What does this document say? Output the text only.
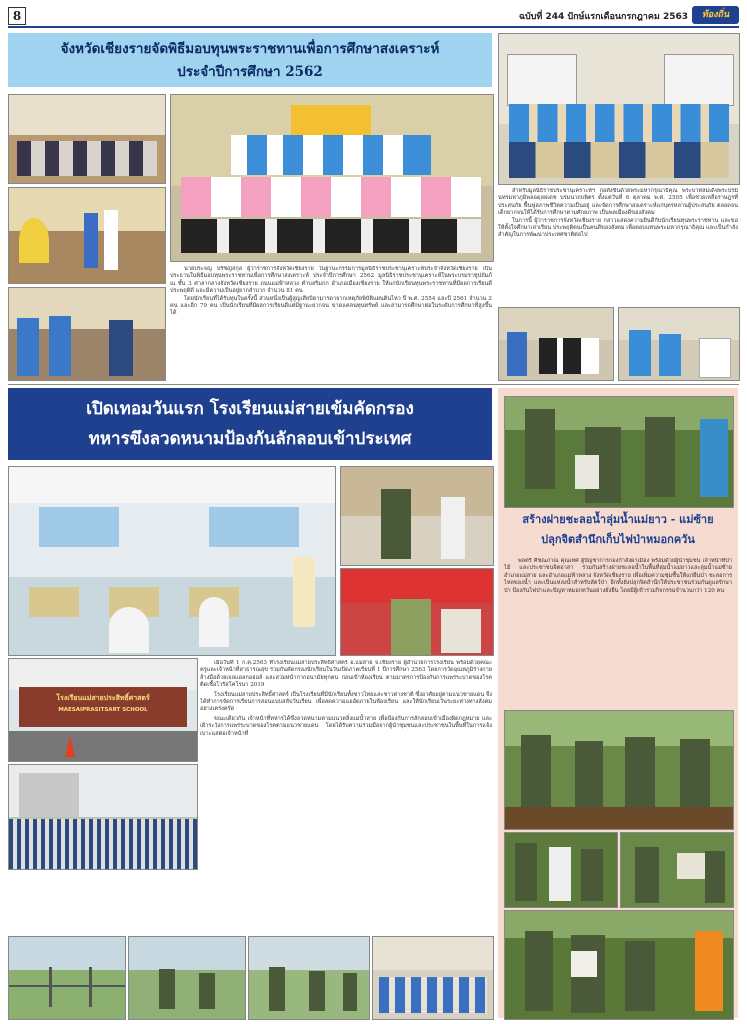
8	ฉบับที่ 244 ปักษ์แรกเดือนกรกฎาคม 2563	ท้องถิ่น
จังหวัดเชียงรายจัดพิธีมอบทุนพระราชทานเพื่อการศึกษาสงเคราะห์
ประจำปีการศึกษา 2562
นายประจญ ปรัชญ์สกุล ผู้ว่าราชการจังหวัดเชียงราย ในฐานะกรรมการมูลนิธิราชประชานุเคราะห์ประจำจังหวัดเชียงราย เป็นประธานในพิธีมอบทุนพระราชทานเพื่อการศึกษาสงเคราะห์ ประจำปีการศึกษา 2562 มูลนิธิราชประชานุเคราะห์ในพระบรมราชูปถัมภ์ ณ ชั้น 3 ศาลากลางจังหวัดเชียงราย ถนนแม่ฟ้าหลวง ตำบลริมกก อำเภอเมืองเชียงราย ให้แก่นักเรียนทุนพระราชทานที่มีผลการเรียนดี ประพฤติดี และมีความเป็นอยู่ยากลำบาก จำนวน 81 คน
โดยนักเรียนที่ได้รับทุนในครั้งนี้ ส่วนหนึ่งเป็นผู้สูญเสียบิดามารดาจากเหตุภัยพิบัติแผ่นดินไหว ปี พ.ศ. 2554 และปี 2561 จำนวน 2 คน และอีก 79 คน เป็นนักเรียนที่มีผลการเรียนดีแต่มีฐานะยากจน ขาดแคลนทุนทรัพย์ และสามารถศึกษาต่อในระดับการศึกษาที่สูงขึ้นได้
สำหรับมูลนิธิราชประชานุเคราะห์ฯ ก่อตั้งขึ้นด้วยพระมหากรุณาธิคุณ พระบาทสมเด็จพระปรมินทรมหาภูมิพลอดุลยเดช บรมนาถบพิตร ตั้งแต่วันที่ 6 ตุลาคม พ.ศ. 2505 เพื่อช่วยเหลือราษฎรที่ประสบภัย ฟื้นฟูสภาพชีวิตความเป็นอยู่ และจัดการศึกษาสงเคราะห์แก่บุตรหลานผู้ประสบภัย ตลอดจนเด็กยากจนให้ได้รับการศึกษาตามศักยภาพ เป็นพลเมืองดีของสังคม
ในการนี้ ผู้ว่าราชการจังหวัดเชียงราย กล่าวแสดงความยินดีกับนักเรียนทุนพระราชทาน และขอให้ตั้งใจศึกษาเล่าเรียน ประพฤติตนเป็นคนดีของสังคม เพื่อตอบแทนพระมหากรุณาธิคุณ และเป็นกำลังสำคัญในการพัฒนาประเทศชาติต่อไป
เปิดเทอมวันแรก โรงเรียนแม่สายเข้มคัดกรอง
ทหารขึงลวดหนามป้องกันลักลอบเข้าประเทศ
โรงเรียนแม่สายประสิทธิ์ศาสตร์
MAESAIPRASITSART SCHOOL
เมื่อวันที่ 1 ก.ค.2563 ที่โรงเรียนแม่สายประสิทธิ์ศาสตร์ อ.แม่สาย จ.เชียงราย ผู้อำนวยการโรงเรียน พร้อมด้วยคณะครูและเจ้าหน้าที่สาธารณสุข ร่วมกันคัดกรองนักเรียนในวันเปิดภาคเรียนที่ 1 ปีการศึกษา 2563 โดยการวัดอุณหภูมิร่างกาย ล้างมือด้วยเจลแอลกอฮอล์ และสวมหน้ากากอนามัยทุกคน ก่อนเข้าห้องเรียน ตามมาตรการป้องกันการแพร่ระบาดของโรคติดเชื้อไวรัสโคโรนา 2019
โรงเรียนแม่สายประสิทธิ์ศาสตร์ เป็นโรงเรียนที่มีนักเรียนทั้งชาวไทยและชาวต่างชาติ ซึ่งอาศัยอยู่ตามแนวชายแดน จึงได้ทำการจัดการเรียนการสอนแบบสลับวันเรียน เพื่อลดความแออัดภายในห้องเรียน และให้นักเรียนเว้นระยะห่างทางสังคมอย่างเคร่งครัด
ขณะเดียวกัน เจ้าหน้าที่ทหารได้ขึงลวดหนามตามแนวตลิ่งแม่น้ำสาย เพื่อป้องกันการลักลอบเข้าเมืองผิดกฎหมาย และเฝ้าระวังการแพร่ระบาดของโรคตามแนวชายแดน โดยได้รับความร่วมมือจากผู้นำชุมชนและประชาชนในพื้นที่ในการแจ้งเบาะแสต่อเจ้าหน้าที่
สร้างฝายชะลอน้ำลุ่มน้ำแม่ยาว - แม่ซ้าย
ปลุกจิตสำนึกเก็บไฟป่าหมอกควัน
พลตรี ศิชณภาณ คุณเทศ ผู้บัญชาการกองกำลังผาเมือง พร้อมด้วยผู้นำชุมชน เจ้าหน้าที่ป่าไม้ และประชาชนจิตอาสา ร่วมกันสร้างฝายชะลอน้ำในพื้นที่ลุ่มน้ำแม่ยาวและลุ่มน้ำแม่ซ้าย อำเภอแม่สาย และอำเภอแม่ฟ้าหลวง จังหวัดเชียงราย เพื่อเพิ่มความชุ่มชื้นให้แก่ผืนป่า ชะลอการไหลของน้ำ และเป็นแหล่งน้ำสำหรับสัตว์ป่า อีกทั้งยังปลุกจิตสำนึกให้ประชาชนร่วมกันดูแลรักษาป่า ป้องกันไฟป่าและปัญหาหมอกควันอย่างยั่งยืน โดยมีผู้เข้าร่วมกิจกรรมจำนวนกว่า 120 คน
